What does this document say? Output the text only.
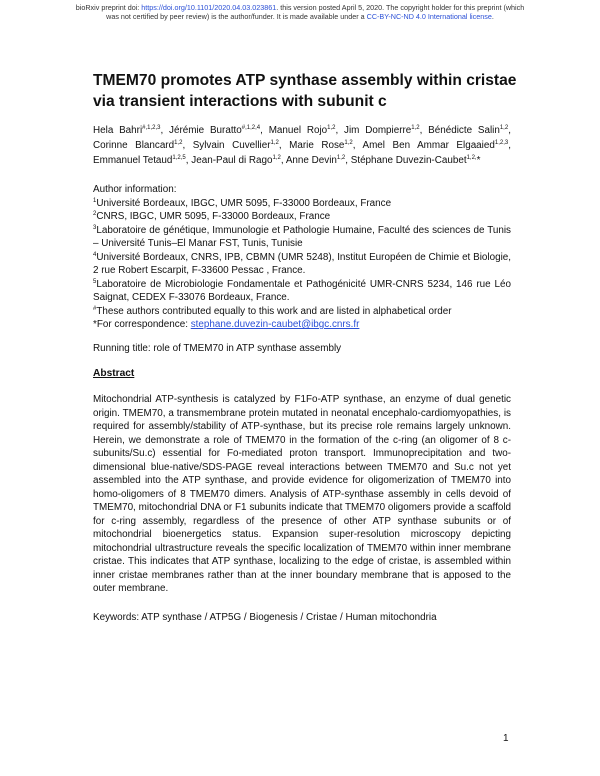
bioRxiv preprint doi: https://doi.org/10.1101/2020.04.03.023861. this version posted April 5, 2020. The copyright holder for this preprint (which
was not certified by peer review) is the author/funder. It is made available under a CC-BY-NC-ND 4.0 International license.
TMEM70 promotes ATP synthase assembly within cristae via transient interactions with subunit c
Hela Bahri$^{\#,1,2,3}$, Jérémie Buratto$^{\#,1,2,4}$, Manuel Rojo$^{1,2}$, Jim Dompierre$^{1,2}$, Bénédicte Salin$^{1,2}$, Corinne Blancard$^{1,2}$, Sylvain Cuvellier$^{1,2}$, Marie Rose$^{1,2}$, Amel Ben Ammar Elgaaied$^{1,2,3}$, Emmanuel Tetaud$^{1,2,5}$, Jean-Paul di Rago$^{1,2}$, Anne Devin$^{1,2}$, Stéphane Duvezin-Caubet$^{1,2,}$*
Author information:
$^1$Université Bordeaux, IBGC, UMR 5095, F-33000 Bordeaux, France
$^2$CNRS, IBGC, UMR 5095, F-33000 Bordeaux, France
$^3$Laboratoire de génétique, Immunologie et Pathologie Humaine, Faculté des sciences de Tunis – Université Tunis–El Manar FST, Tunis, Tunisie
$^4$Université Bordeaux, CNRS, IPB, CBMN (UMR 5248), Institut Européen de Chimie et Biologie, 2 rue Robert Escarpit, F-33600 Pessac , France.
$^5$Laboratoire de Microbiologie Fondamentale et Pathogénicité UMR-CNRS 5234, 146 rue Léo Saignat, CEDEX F-33076 Bordeaux, France.
#These authors contributed equally to this work and are listed in alphabetical order
*For correspondence: stephane.duvezin-caubet@ibgc.cnrs.fr
Running title: role of TMEM70 in ATP synthase assembly
Abstract
Mitochondrial ATP-synthesis is catalyzed by F1Fo-ATP synthase, an enzyme of dual genetic origin. TMEM70, a transmembrane protein mutated in neonatal encephalo-cardiomyopathies, is required for assembly/stability of ATP-synthase, but its precise role remains largely unknown. Herein, we demonstrate a role of TMEM70 in the formation of the c-ring (an oligomer of 8 c-subunits/Su.c) essential for Fo-mediated proton transport. Immunoprecipitation and two-dimensional blue-native/SDS-PAGE reveal interactions between TMEM70 and Su.c not yet assembled into the ATP synthase, and provide evidence for oligomerization of TMEM70 into homo-oligomers of 8 TMEM70 dimers. Analysis of ATP-synthase assembly in cells devoid of TMEM70, mitochondrial DNA or F1 subunits indicate that TMEM70 oligomers provide a scaffold for c-ring assembly, regardless of the presence of other ATP synthase subunits or of mitochondrial bioenergetics status. Expansion super-resolution microscopy depicting mitochondrial ultrastructure reveals the specific localization of TMEM70 within inner membrane cristae. This indicates that ATP synthase, localizing to the edge of cristae, is assembled within inner cristae membranes rather than at the inner boundary membrane that is apposed to the outer membrane.
Keywords: ATP synthase / ATP5G / Biogenesis / Cristae / Human mitochondria
1
